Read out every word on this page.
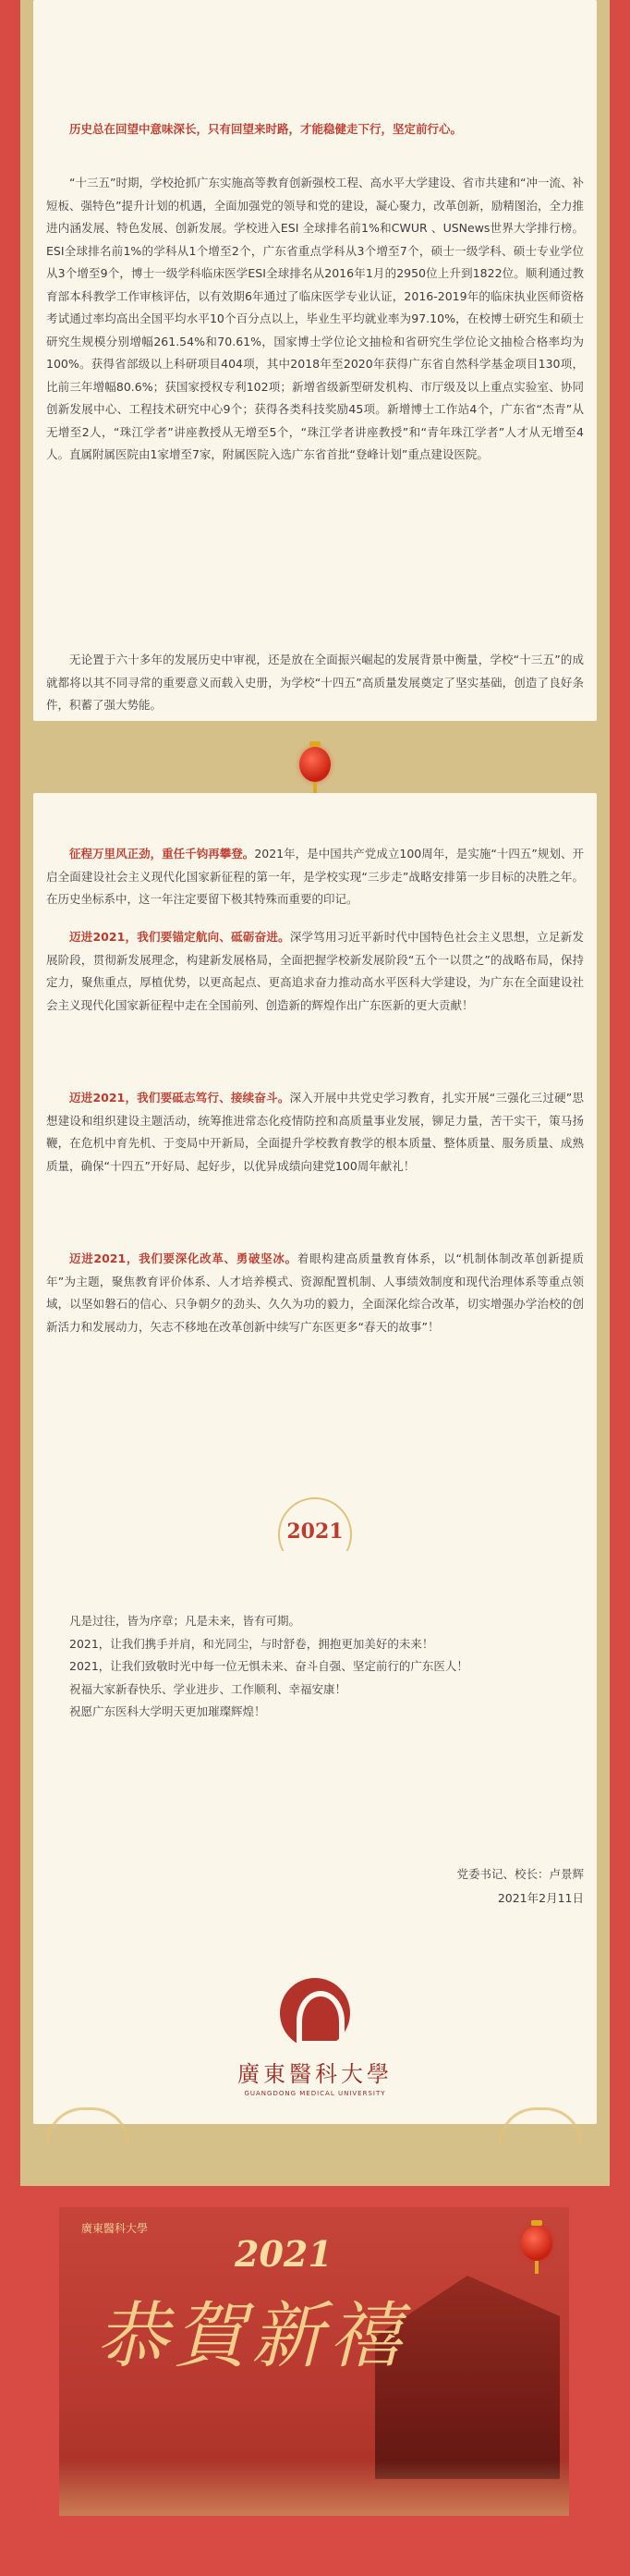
历史总在回望中意味深长，只有回望来时路，才能稳健走下行，坚定前行心。

“十三五”时期，学校抢抓广东实施高等教育创新强校工程、高水平大学建设、省市共建和“冲一流、补短板、强特色”提升计划的机遇，全面加强党的领导和党的建设，凝心聚力，改革创新，励精图治，全力推进内涵发展、特色发展、创新发展。学校进入ESI 全球排名前1%和CWUR 、USNews世界大学排行榜。ESI全球排名前1%的学科从1个增至2个，广东省重点学科从3个增至7个，硕士一级学科、硕士专业学位从3个增至9个，博士一级学科临床医学ESI全球排名从2016年1月的2950位上升到1822位。顺利通过教育部本科教学工作审核评估，以有效期6年通过了临床医学专业认证，2016-2019年的临床执业医师资格考试通过率均高出全国平均水平10个百分点以上，毕业生平均就业率为97.10%，在校博士研究生和硕士研究生规模分别增幅261.54%和70.61%，国家博士学位论文抽检和省研究生学位论文抽检合格率均为100%。获得省部级以上科研项目404项，其中2018年至2020年获得广东省自然科学基金项目130项，比前三年增幅80.6%；获国家授权专利102项；新增省级新型研发机构、市厅级及以上重点实验室、协同创新发展中心、工程技术研究中心9个；获得各类科技奖励45项。新增博士工作站4个，广东省“杰青”从无增至2人，“珠江学者”讲座教授从无增至5个，“珠江学者讲座教授”和“青年珠江学者”人才从无增至4人。直属附属医院由1家增至7家，附属医院入选广东省首批“登峰计划”重点建设医院。

无论置于六十多年的发展历史中审视，还是放在全面振兴崛起的发展背景中衡量，学校“十三五”的成就都将以其不同寻常的重要意义而载入史册，为学校“十四五”高质量发展奠定了坚实基础，创造了良好条件，积蓄了强大势能。

征程万里风正劲，重任千钧再攀登。2021年，是中国共产党成立100周年，是实施“十四五”规划、开启全面建设社会主义现代化国家新征程的第一年，是学校实现“三步走”战略安排第一步目标的决胜之年。在历史坐标系中，这一年注定要留下极其特殊而重要的印记。

迈进2021，我们要锚定航向、砥砺奋进。深学笃用习近平新时代中国特色社会主义思想，立足新发展阶段，贯彻新发展理念，构建新发展格局，全面把握学校新发展阶段“五个一以贯之”的战略布局，保持定力，聚焦重点，厚植优势，以更高起点、更高追求奋力推动高水平医科大学建设，为广东在全面建设社会主义现代化国家新征程中走在全国前列、创造新的辉煌作出广东医新的更大贡献！

迈进2021，我们要砥志笃行、接续奋斗。深入开展中共党史学习教育，扎实开展“三强化三过硬”思想建设和组织建设主题活动，统筹推进常态化疫情防控和高质量事业发展，铆足力量，苦干实干，策马扬鞭，在危机中育先机、于变局中开新局，全面提升学校教育教学的根本质量、整体质量、服务质量、成熟质量，确保“十四五”开好局、起好步，以优异成绩向建党100周年献礼！

迈进2021，我们要深化改革、勇破坚冰。着眼构建高质量教育体系，以“机制体制改革创新提质年”为主题，聚焦教育评价体系、人才培养模式、资源配置机制、人事绩效制度和现代治理体系等重点领域，以坚如磐石的信心、只争朝夕的劲头、久久为功的毅力，全面深化综合改革，切实增强办学治校的创新活力和发展动力，矢志不移地在改革创新中续写广东医更多“春天的故事”！

2021

凡是过往，皆为序章；凡是未来，皆有可期。

2021，让我们携手并肩，和光同尘，与时舒卷，拥抱更加美好的未来！

2021，让我们致敬时光中每一位无惧未来、奋斗自强、坚定前行的广东医人！

祝福大家新春快乐、学业进步、工作顺利、幸福安康！

祝愿广东医科大学明天更加璀璨辉煌！

党委书记、校长：卢景辉
2021年2月11日
廣東醫科大學
GUANGDONG MEDICAL UNIVERSITY
廣東醫科大學
2021
恭賀新禧
